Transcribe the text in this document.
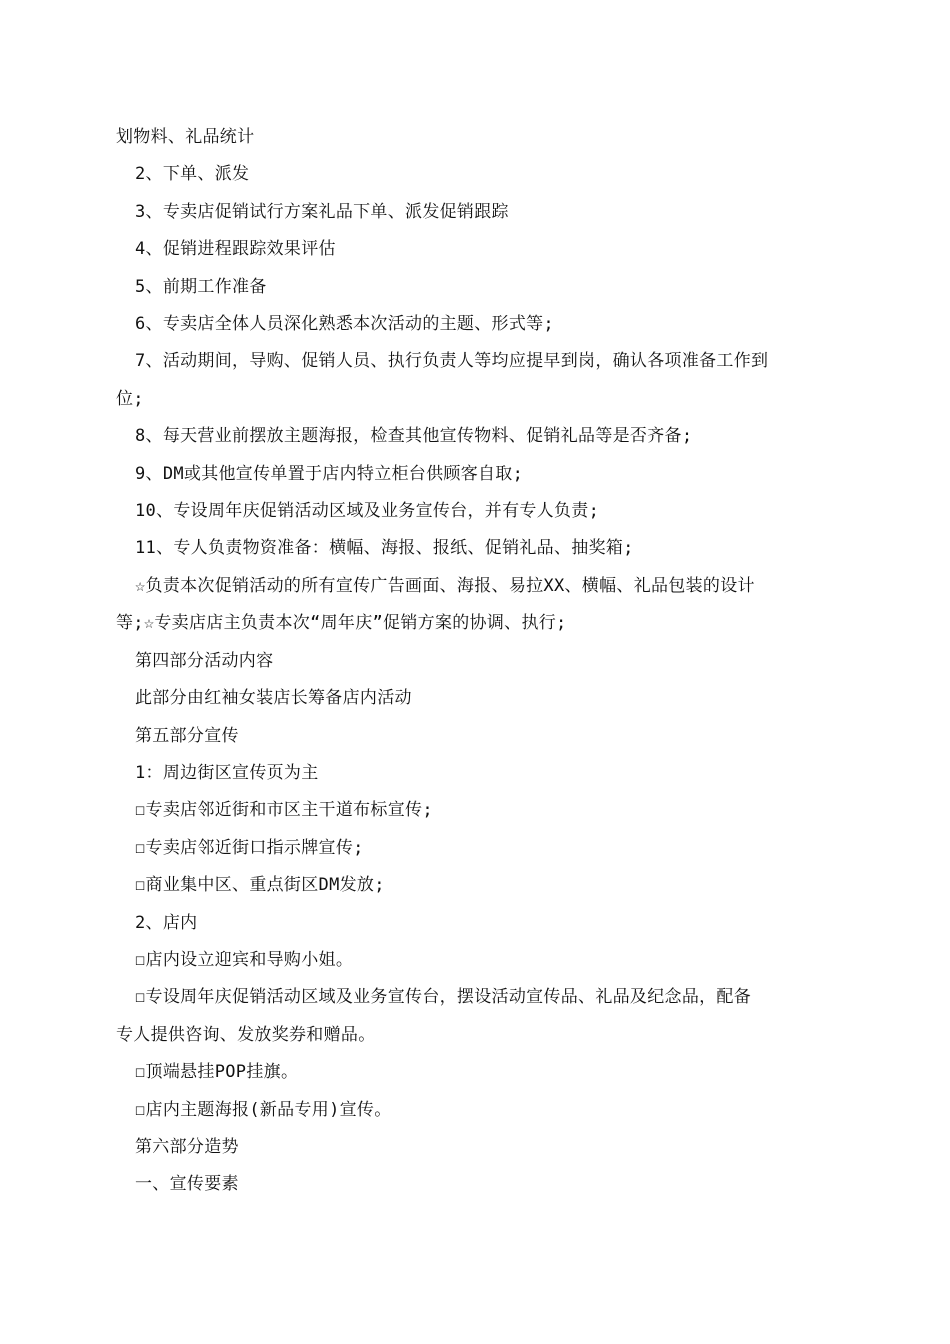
划物料、礼品统计
2、下单、派发
3、专卖店促销试行方案礼品下单、派发促销跟踪
4、促销进程跟踪效果评估
5、前期工作准备
6、专卖店全体人员深化熟悉本次活动的主题、形式等;
7、活动期间，导购、促销人员、执行负责人等均应提早到岗，确认各项准备工作到
位;
8、每天营业前摆放主题海报，检查其他宣传物料、促销礼品等是否齐备;
9、DM或其他宣传单置于店内特立柜台供顾客自取;
10、专设周年庆促销活动区域及业务宣传台，并有专人负责;
11、专人负责物资准备：横幅、海报、报纸、促销礼品、抽奖箱;
☆负责本次促销活动的所有宣传广告画面、海报、易拉XX、横幅、礼品包装的设计
等;☆专卖店店主负责本次“周年庆”促销方案的协调、执行;
第四部分活动内容
此部分由红袖女装店长筹备店内活动
第五部分宣传
1：周边街区宣传页为主
☐专卖店邻近街和市区主干道布标宣传;
☐专卖店邻近街口指示牌宣传;
☐商业集中区、重点街区DM发放;
2、店内
☐店内设立迎宾和导购小姐。
☐专设周年庆促销活动区域及业务宣传台，摆设活动宣传品、礼品及纪念品，配备
专人提供咨询、发放奖券和赠品。
☐顶端悬挂POP挂旗。
☐店内主题海报(新品专用)宣传。
第六部分造势
一、宣传要素
